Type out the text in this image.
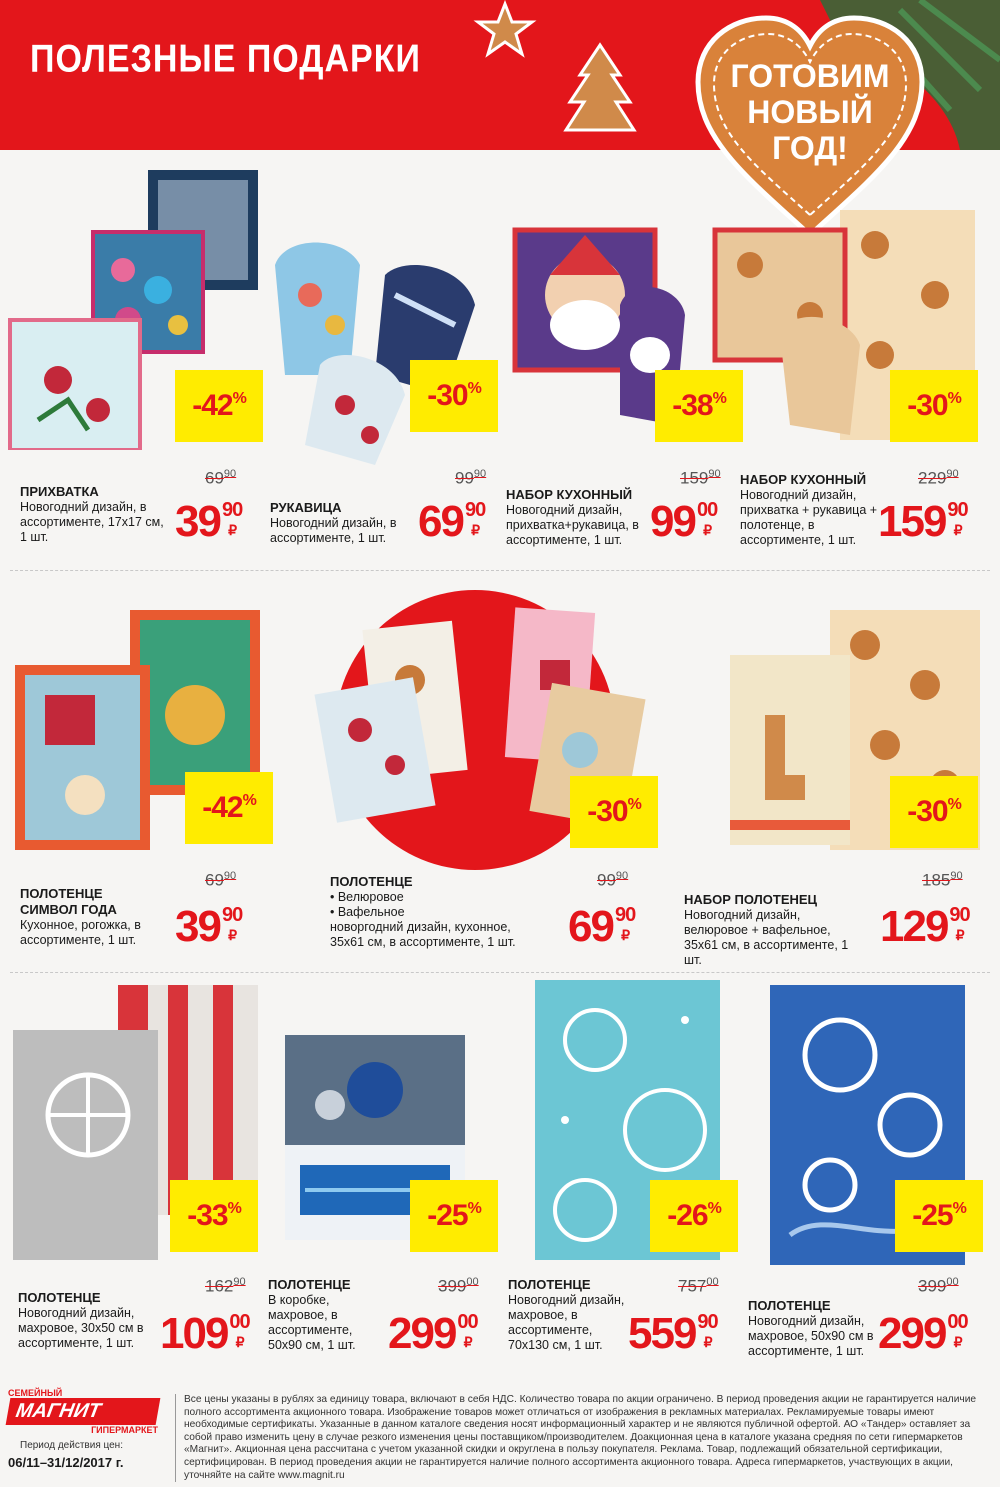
ПОЛЕЗНЫЕ ПОДАРКИ	ГОТОВИМ
НОВЫЙ
ГОД!
-42%
ПРИХВАТКА
Новогодний дизайн, в ассортименте, 17х17 см, 1 шт.
$69^{90}$
39 90
₽
-30%
РУКАВИЦА
Новогодний дизайн, в ассортименте, 1 шт.
$99^{90}$
69 90
₽
-38%
НАБОР КУХОННЫЙ
Новогодний дизайн, прихватка+рукавица, в ассортименте, 1 шт.
$159^{90}$
99 00
₽
-30%
НАБОР КУХОННЫЙ
Новогодний дизайн, прихватка + рукавица + полотенце, в ассортименте, 1 шт.
$229^{90}$
159 90
₽
-42%
ПОЛОТЕНЦЕ СИМВОЛ ГОДА
Кухонное, рогожка, в ассортименте, 1 шт.
$69^{90}$
39 90
₽
-30%
ПОЛОТЕНЦЕ
• Велюровое
• Вафельное
новоргодний дизайн, кухонное, 35х61 см, в ассортименте, 1 шт.
$99^{90}$
69 90
₽
-30%
НАБОР ПОЛОТЕНЕЦ
Новогодний дизайн, велюровое + вафельное, 35х61 см, в ассортименте, 1 шт.
$185^{90}$
129 90
₽
-33%
ПОЛОТЕНЦЕ
Новогодний дизайн, махровое, 30х50 см в ассортименте, 1 шт.
$162^{90}$
109 00
₽
-25%
ПОЛОТЕНЦЕ
В коробке, махровое, в ассортименте, 50х90 см, 1 шт.
$399^{00}$
299 00
₽
-26%
ПОЛОТЕНЦЕ
Новогодний дизайн, махровое, в ассортименте, 70х130 см, 1 шт.
$757^{00}$
559 90
₽
-25%
ПОЛОТЕНЦЕ
Новогодний дизайн, махровое, 50х90 см в ассортименте, 1 шт.
$399^{00}$
299 00
₽
СЕМЕЙНЫЙ
МАГНИТ
ГИПЕРМАРКЕТ
Период действия цен:
06/11–31/12/2017 г.
Все цены указаны в рублях за единицу товара, включают в себя НДС. Количество товара по акции ограничено. В период проведения акции не гарантируется наличие полного ассортимента акционного товара. Изображение товаров может отличаться от изображения в рекламных материалах. Рекламируемые товары имеют необходимые сертификаты. Указанные в данном каталоге сведения носят информационный характер и не являются публичной офертой. АО «Тандер» оставляет за собой право изменить цену в случае резкого изменения цены поставщиком/производителем. Доакционная цена в каталоге указана средняя по сети гипермаркетов «Магнит». Акционная цена рассчитана с учетом указанной скидки и округлена в пользу покупателя. Реклама. Товар, подлежащий обязательной сертификации, сертифицирован. В период проведения акции не гарантируется наличие полного ассортимента акционного товара. Адреса гипермаркетов, участвующих в акции, уточняйте на сайте www.magnit.ru
